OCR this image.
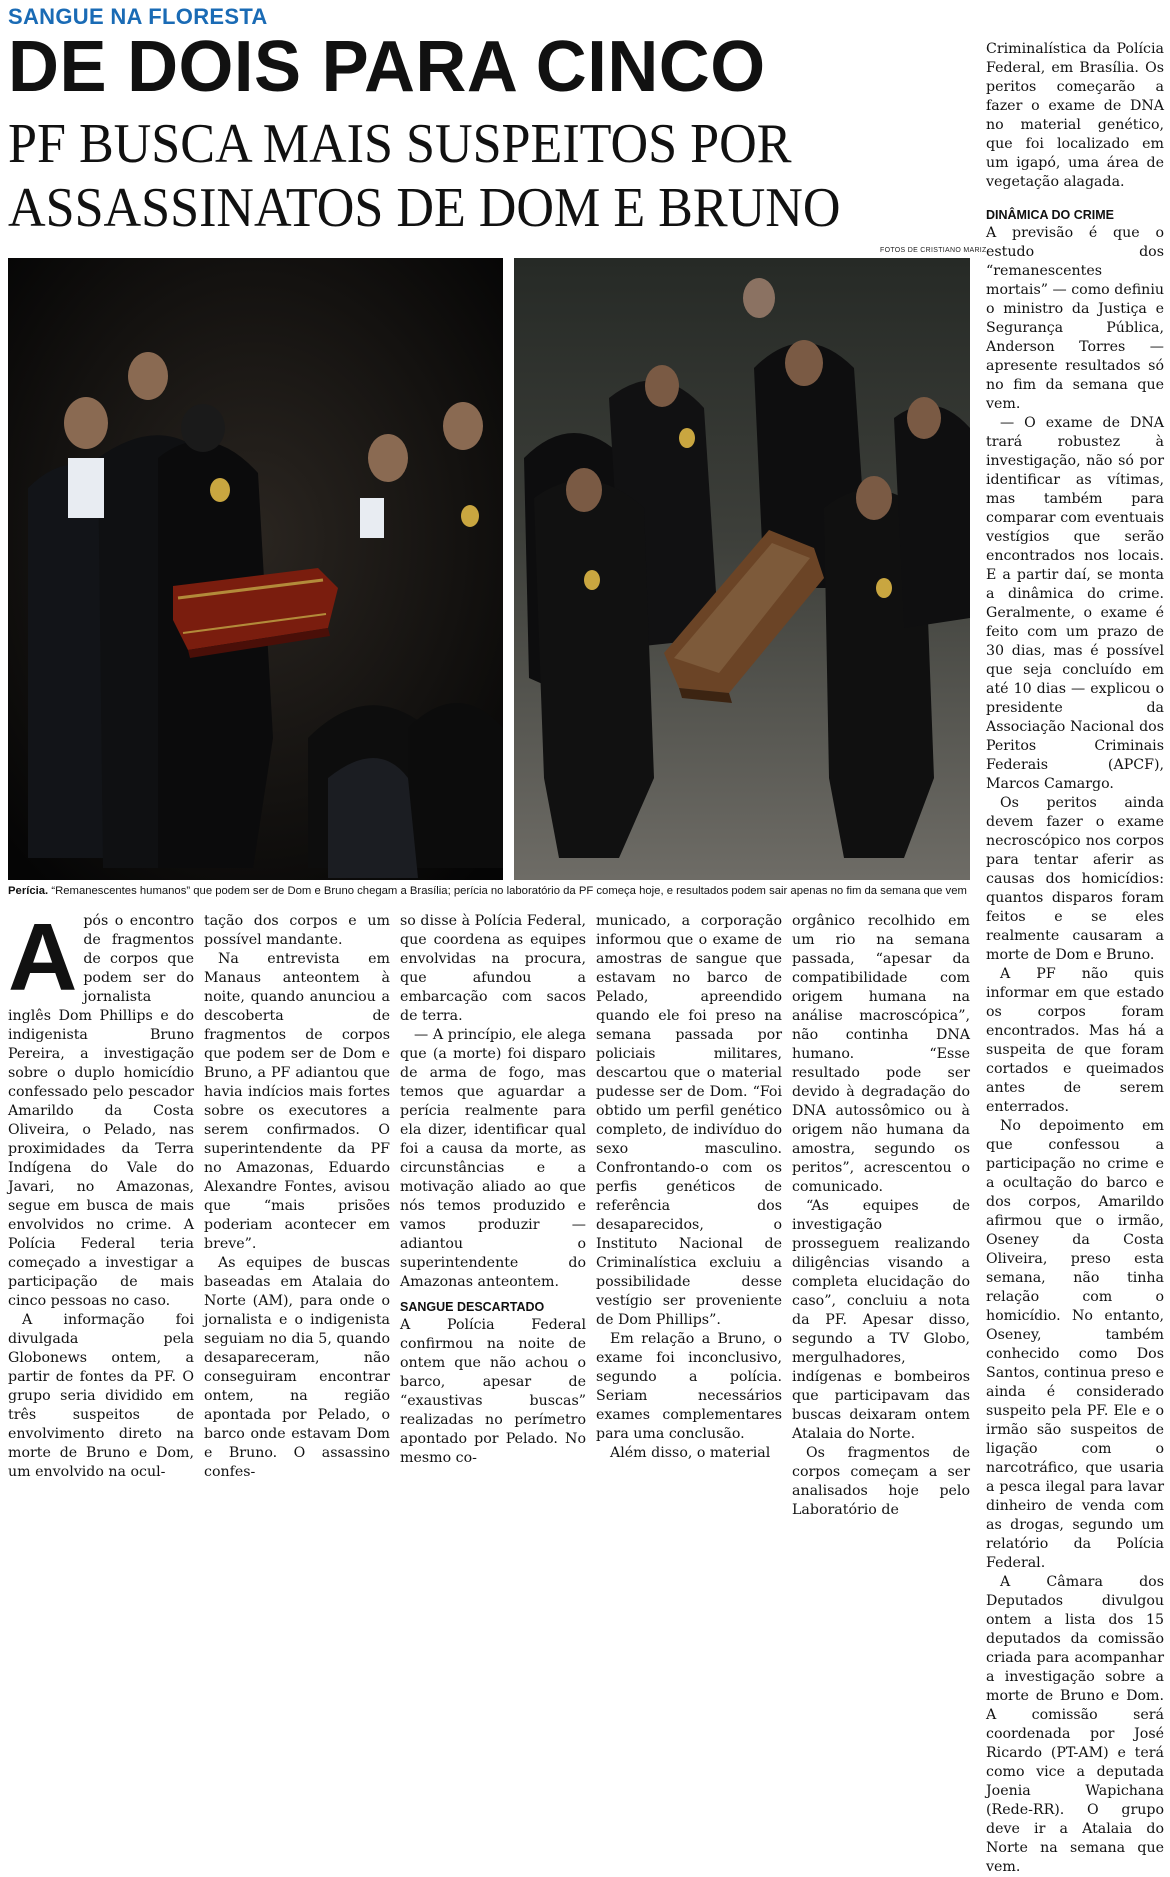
SANGUE NA FLORESTA
DE DOIS PARA CINCO
PF BUSCA MAIS SUSPEITOS POR
ASSASSINATOS DE DOM E BRUNO
FOTOS DE CRISTIANO MARIZ
Perícia. “Remanescentes humanos” que podem ser de Dom e Bruno chegam a Brasília; perícia no laboratório da PF começa hoje, e resultados podem sair apenas no fim da semana que vem

Após o encontro de fragmentos de corpos que podem ser do jornalista inglês Dom Phillips e do indigenista Bruno Pereira, a investigação sobre o duplo homicídio confessado pelo pescador Amarildo da Costa Oliveira, o Pelado, nas proximidades da Terra Indígena do Vale do Javari, no Amazonas, segue em busca de mais envolvidos no crime. A Polícia Federal teria começado a investigar a participação de mais cinco pessoas no caso.

A informação foi divulgada pela Globonews ontem, a partir de fontes da PF. O grupo seria dividido em três suspeitos de envolvimento direto na morte de Bruno e Dom, um envolvido na ocul-

tação dos corpos e um possível mandante.

Na entrevista em Manaus anteontem à noite, quando anunciou a descoberta de fragmentos de corpos que podem ser de Dom e Bruno, a PF adiantou que havia indícios mais fortes sobre os executores a serem confirmados. O superintendente da PF no Amazonas, Eduardo Alexandre Fontes, avisou que “mais prisões poderiam acontecer em breve”.

As equipes de buscas baseadas em Atalaia do Norte (AM), para onde o jornalista e o indigenista seguiam no dia 5, quando desapareceram, não conseguiram encontrar ontem, na região apontada por Pelado, o barco onde estavam Dom e Bruno. O assassino confes-

so disse à Polícia Federal, que coordena as equipes envolvidas na procura, que afundou a embarcação com sacos de terra.

— A princípio, ele alega que (a morte) foi disparo de arma de fogo, mas temos que aguardar a perícia realmente para ela dizer, identificar qual foi a causa da morte, as circunstâncias e a motivação aliado ao que nós temos produzido e vamos produzir — adiantou o superintendente do Amazonas anteontem.

SANGUE DESCARTADO

A Polícia Federal confirmou na noite de ontem que não achou o barco, apesar de “exaustivas buscas” realizadas no perímetro apontado por Pelado. No mesmo co-

municado, a corporação informou que o exame de amostras de sangue que estavam no barco de Pelado, apreendido quando ele foi preso na semana passada por policiais militares, descartou que o material pudesse ser de Dom. “Foi obtido um perfil genético completo, de indivíduo do sexo masculino. Confrontando-o com os perfis genéticos de referência dos desaparecidos, o Instituto Nacional de Criminalística excluiu a possibilidade desse vestígio ser proveniente de Dom Phillips”.

Em relação a Bruno, o exame foi inconclusivo, segundo a polícia. Seriam necessários exames complementares para uma conclusão.

Além disso, o material

orgânico recolhido em um rio na semana passada, “apesar da compatibilidade com origem humana na análise macroscópica”, não continha DNA humano. “Esse resultado pode ser devido à degradação do DNA autossômico ou à origem não humana da amostra, segundo os peritos”, acrescentou o comunicado.

“As equipes de investigação prosseguem realizando diligências visando a completa elucidação do caso”, concluiu a nota da PF. Apesar disso, segundo a TV Globo, mergulhadores, indígenas e bombeiros que participavam das buscas deixaram ontem Atalaia do Norte.

Os fragmentos de corpos começam a ser analisados hoje pelo Laboratório de

Criminalística da Polícia Federal, em Brasília. Os peritos começarão a fazer o exame de DNA no material genético, que foi localizado em um igapó, uma área de vegetação alagada.

DINÂMICA DO CRIME

A previsão é que o estudo dos “remanescentes mortais” — como definiu o ministro da Justiça e Segurança Pública, Anderson Torres — apresente resultados só no fim da semana que vem.

— O exame de DNA trará robustez à investigação, não só por identificar as vítimas, mas também para comparar com eventuais vestígios que serão encontrados nos locais. E a partir daí, se monta a dinâmica do crime. Geralmente, o exame é feito com um prazo de 30 dias, mas é possível que seja concluído em até 10 dias — explicou o presidente da Associação Nacional dos Peritos Criminais Federais (APCF), Marcos Camargo.

Os peritos ainda devem fazer o exame necroscópico nos corpos para tentar aferir as causas dos homicídios: quantos disparos foram feitos e se eles realmente causaram a morte de Dom e Bruno.

A PF não quis informar em que estado os corpos foram encontrados. Mas há a suspeita de que foram cortados e queimados antes de serem enterrados.

No depoimento em que confessou a participação no crime e a ocultação do barco e dos corpos, Amarildo afirmou que o irmão, Oseney da Costa Oliveira, preso esta semana, não tinha relação com o homicídio. No entanto, Oseney, também conhecido como Dos Santos, continua preso e ainda é considerado suspeito pela PF. Ele e o irmão são suspeitos de ligação com o narcotráfico, que usaria a pesca ilegal para lavar dinheiro de venda com as drogas, segundo um relatório da Polícia Federal.

A Câmara dos Deputados divulgou ontem a lista dos 15 deputados da comissão criada para acompanhar a investigação sobre a morte de Bruno e Dom. A comissão será coordenada por José Ricardo (PT-AM) e terá como vice a deputada Joenia Wapichana (Rede-RR). O grupo deve ir a Atalaia do Norte na semana que vem.
